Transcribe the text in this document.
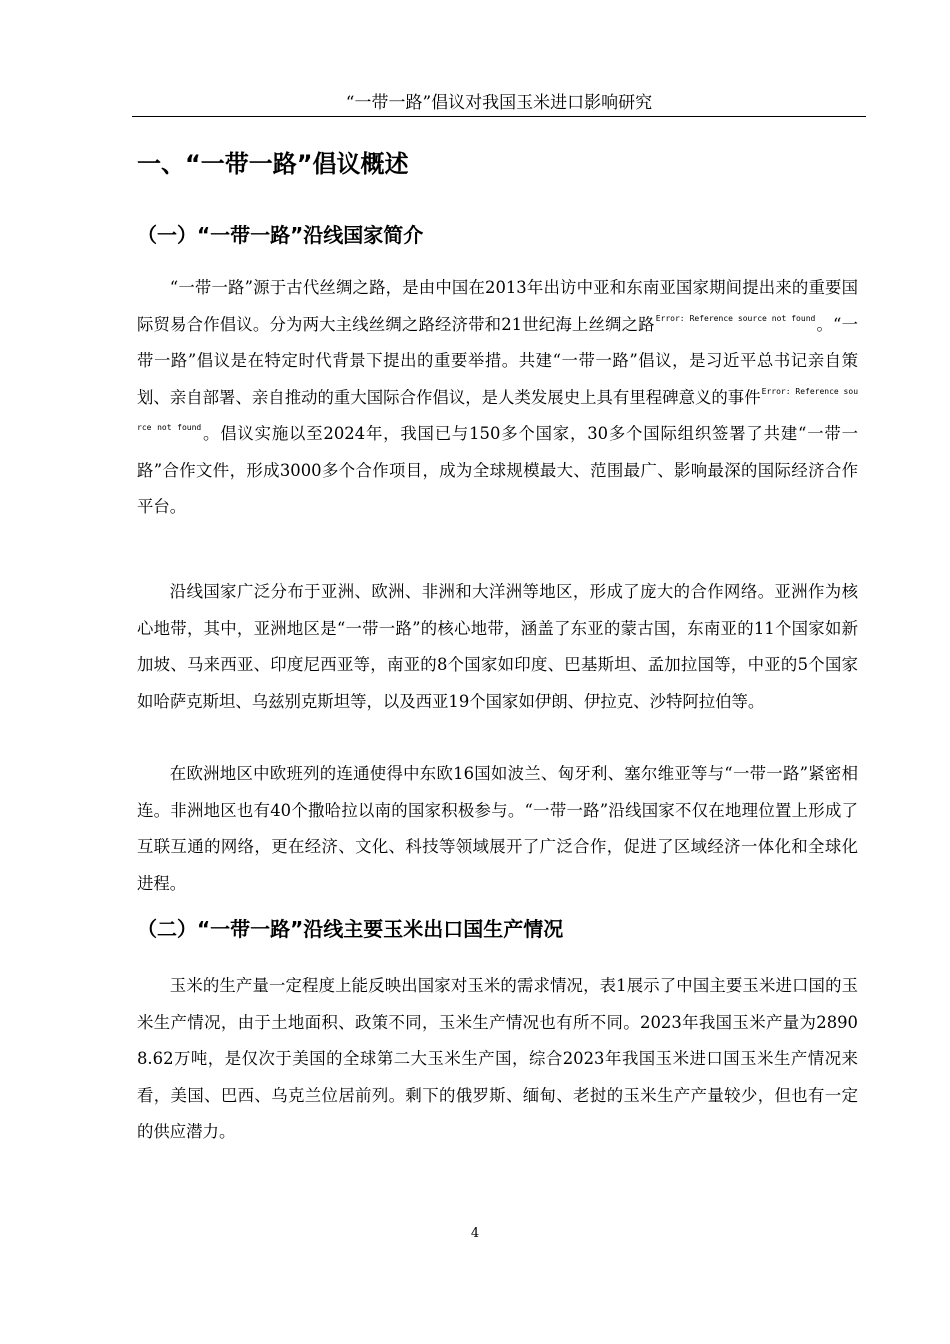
“一带一路”倡议对我国玉米进口影响研究
一、“一带一路”倡议概述
（一）“一带一路”沿线国家简介

“一带一路”源于古代丝绸之路，是由中国在2013年出访中亚和东南亚国家期间提出来的重要国际贸易合作倡议。分为两大主线丝绸之路经济带和21世纪海上丝绸之路$^{Error: Reference source not found}$。“一带一路”倡议是在特定时代背景下提出的重要举措。共建“一带一路”倡议，是习近平总书记亲自策划、亲自部署、亲自推动的重大国际合作倡议，是人类发展史上具有里程碑意义的事件$^{Error: Reference source not found}$。倡议实施以至2024年，我国已与150多个国家，30多个国际组织签署了共建“一带一路”合作文件，形成3000多个合作项目，成为全球规模最大、范围最广、影响最深的国际经济合作平台。

沿线国家广泛分布于亚洲、欧洲、非洲和大洋洲等地区，形成了庞大的合作网络。亚洲作为核心地带，其中，亚洲地区是“一带一路”的核心地带，涵盖了东亚的蒙古国，东南亚的11个国家如新加坡、马来西亚、印度尼西亚等，南亚的8个国家如印度、巴基斯坦、孟加拉国等，中亚的5个国家如哈萨克斯坦、乌兹别克斯坦等，以及西亚19个国家如伊朗、伊拉克、沙特阿拉伯等。

在欧洲地区中欧班列的连通使得中东欧16国如波兰、匈牙利、塞尔维亚等与“一带一路”紧密相连。非洲地区也有40个撒哈拉以南的国家积极参与。“一带一路”沿线国家不仅在地理位置上形成了互联互通的网络，更在经济、文化、科技等领域展开了广泛合作，促进了区域经济一体化和全球化进程。

（二）“一带一路”沿线主要玉米出口国生产情况

玉米的生产量一定程度上能反映出国家对玉米的需求情况，表1展示了中国主要玉米进口国的玉米生产情况，由于土地面积、政策不同，玉米生产情况也有所不同。2023年我国玉米产量为28908.62万吨，是仅次于美国的全球第二大玉米生产国，综合2023年我国玉米进口国玉米生产情况来看，美国、巴西、乌克兰位居前列。剩下的俄罗斯、缅甸、老挝的玉米生产产量较少，但也有一定的供应潜力。

4
